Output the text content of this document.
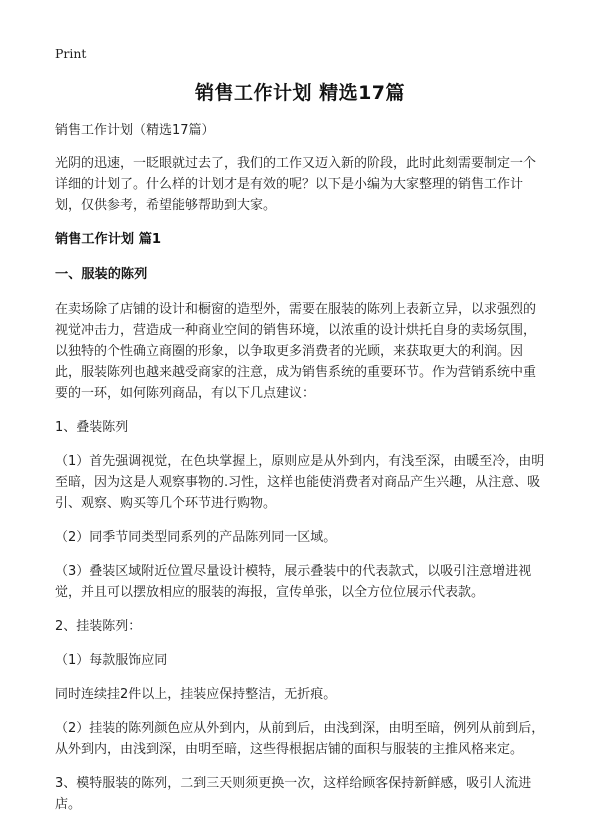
Print
销售工作计划 精选17篇

销售工作计划（精选17篇）

光阴的迅速，一眨眼就过去了，我们的工作又迈入新的阶段，此时此刻需要制定一个详细的计划了。什么样的计划才是有效的呢？以下是小编为大家整理的销售工作计划，仅供参考，希望能够帮助到大家。

销售工作计划 篇1

一、服装的陈列

在卖场除了店铺的设计和橱窗的造型外，需要在服装的陈列上表新立异，以求强烈的视觉冲击力，营造成一种商业空间的销售环境，以浓重的设计烘托自身的卖场氛围，以独特的个性确立商圈的形象，以争取更多消费者的光顾，来获取更大的利润。因此，服装陈列也越来越受商家的注意，成为销售系统的重要环节。作为营销系统中重要的一环，如何陈列商品，有以下几点建议：

1、叠装陈列

（1）首先强调视觉，在色块掌握上，原则应是从外到内，有浅至深，由暖至冷，由明至暗，因为这是人观察事物的.习性，这样也能使消费者对商品产生兴趣，从注意、吸引、观察、购买等几个环节进行购物。

（2）同季节同类型同系列的产品陈列同一区域。

（3）叠装区域附近位置尽量设计模特，展示叠装中的代表款式，以吸引注意增进视觉，并且可以摆放相应的服装的海报，宣传单张，以全方位位展示代表款。

2、挂装陈列：

（1）每款服饰应同

同时连续挂2件以上，挂装应保持整洁，无折痕。

（2）挂装的陈列颜色应从外到内，从前到后，由浅到深，由明至暗，例列从前到后，从外到内，由浅到深，由明至暗，这些得根据店铺的面积与服装的主推风格来定。

3、模特服装的陈列，二到三天则须更换一次，这样给顾客保持新鲜感，吸引人流进店。
